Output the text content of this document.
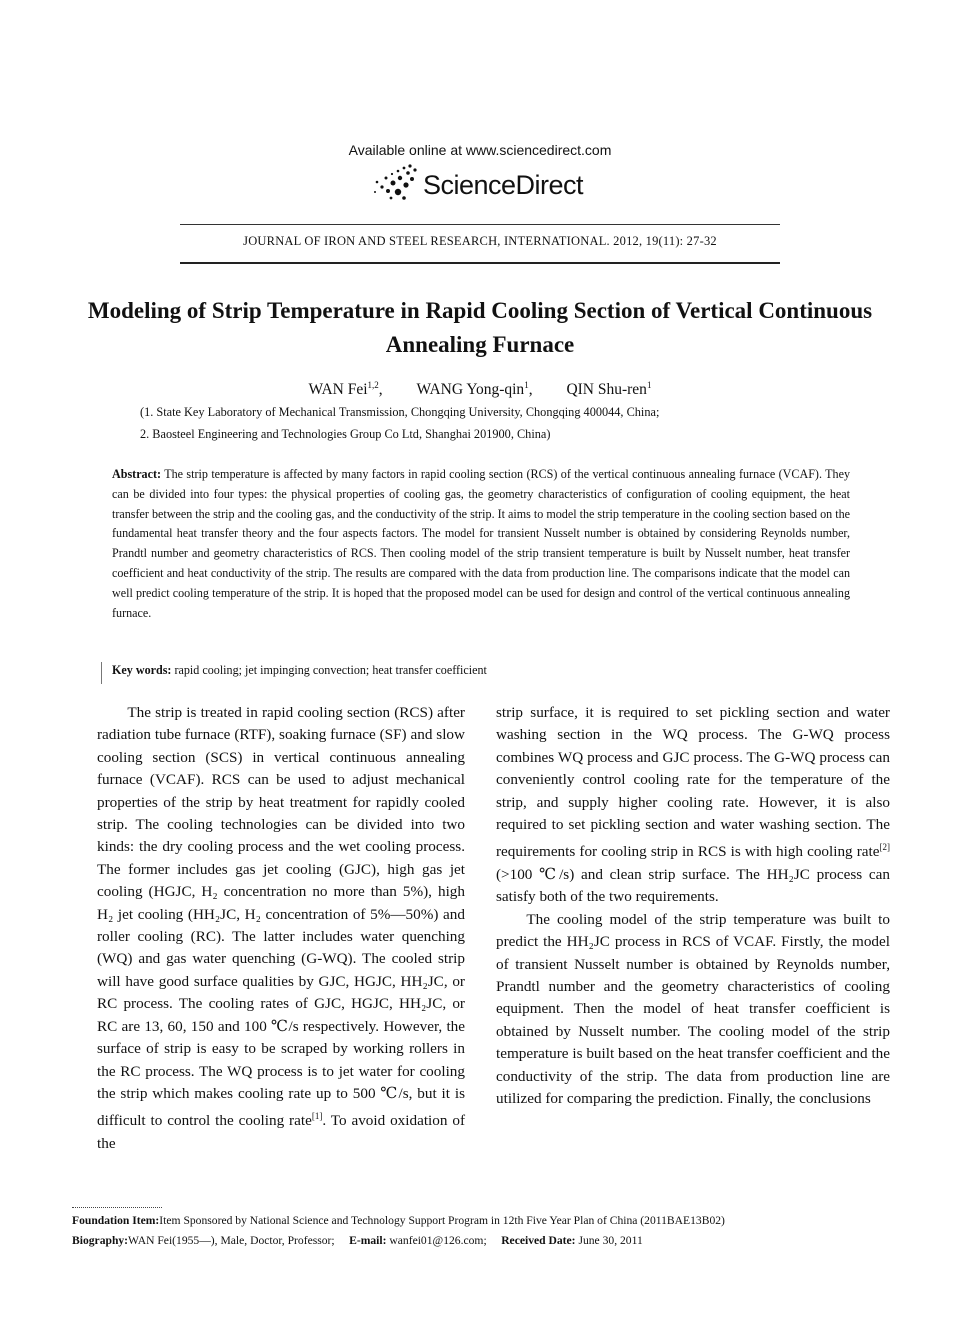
Available online at www.sciencedirect.com
ScienceDirect
JOURNAL OF IRON AND STEEL RESEARCH, INTERNATIONAL. 2012, 19(11): 27-32
Modeling of Strip Temperature in Rapid Cooling Section of Vertical Continuous Annealing Furnace
WAN Fei$^{1,2}$, WANG Yong-qin$^1$, QIN Shu-ren$^1$
(1. State Key Laboratory of Mechanical Transmission, Chongqing University, Chongqing 400044, China;
2. Baosteel Engineering and Technologies Group Co Ltd, Shanghai 201900, China)
Abstract: The strip temperature is affected by many factors in rapid cooling section (RCS) of the vertical continuous annealing furnace (VCAF). They can be divided into four types: the physical properties of cooling gas, the geometry characteristics of configuration of cooling equipment, the heat transfer between the strip and the cooling gas, and the conductivity of the strip. It aims to model the strip temperature in the cooling section based on the fundamental heat transfer theory and the four aspects factors. The model for transient Nusselt number is obtained by considering Reynolds number, Prandtl number and geometry characteristics of RCS. Then cooling model of the strip transient temperature is built by Nusselt number, heat transfer coefficient and heat conductivity of the strip. The results are compared with the data from production line. The comparisons indicate that the model can well predict cooling temperature of the strip. It is hoped that the proposed model can be used for design and control of the vertical continuous annealing furnace.
Key words: rapid cooling; jet impinging convection; heat transfer coefficient

The strip is treated in rapid cooling section (RCS) after radiation tube furnace (RTF), soaking furnace (SF) and slow cooling section (SCS) in vertical continuous annealing furnace (VCAF). RCS can be used to adjust mechanical properties of the strip by heat treatment for rapidly cooled strip. The cooling technologies can be divided into two kinds: the dry cooling process and the wet cooling process. The former includes gas jet cooling (GJC), high gas jet cooling (HGJC, H₂ concentration no more than 5%), high H₂ jet cooling (HH₂JC, H₂ concentration of 5%—50%) and roller cooling (RC). The latter includes water quenching (WQ) and gas water quenching (G-WQ). The cooled strip will have good surface qualities by GJC, HGJC, HH₂JC, or RC process. The cooling rates of GJC, HGJC, HH₂JC, or RC are 13, 60, 150 and 100 ℃/s respectively. However, the surface of strip is easy to be scraped by working rollers in the RC process. The WQ process is to jet water for cooling the strip which makes cooling rate up to 500 ℃/s, but it is difficult to control the cooling rate[1]. To avoid oxidation of the

strip surface, it is required to set pickling section and water washing section in the WQ process. The G-WQ process combines WQ process and GJC process. The G-WQ process can conveniently control cooling rate for the temperature of the strip, and supply higher cooling rate. However, it is also required to set pickling section and water washing section. The requirements for cooling strip in RCS is with high cooling rate[2](>100 ℃/s) and clean strip surface. The HH₂JC process can satisfy both of the two requirements.

The cooling model of the strip temperature was built to predict the HH₂JC process in RCS of VCAF. Firstly, the model of transient Nusselt number is obtained by Reynolds number, Prandtl number and the geometry characteristics of cooling equipment. Then the model of heat transfer coefficient is obtained by Nusselt number. The cooling model of the strip temperature is built based on the heat transfer coefficient and the conductivity of the strip. The data from production line are utilized for comparing the prediction. Finally, the conclusions

Foundation Item:Item Sponsored by National Science and Technology Support Program in 12th Five Year Plan of China (2011BAE13B02)
Biography:WAN Fei(1955—), Male, Doctor, Professor; E-mail: wanfei01@126.com; Received Date: June 30, 2011
